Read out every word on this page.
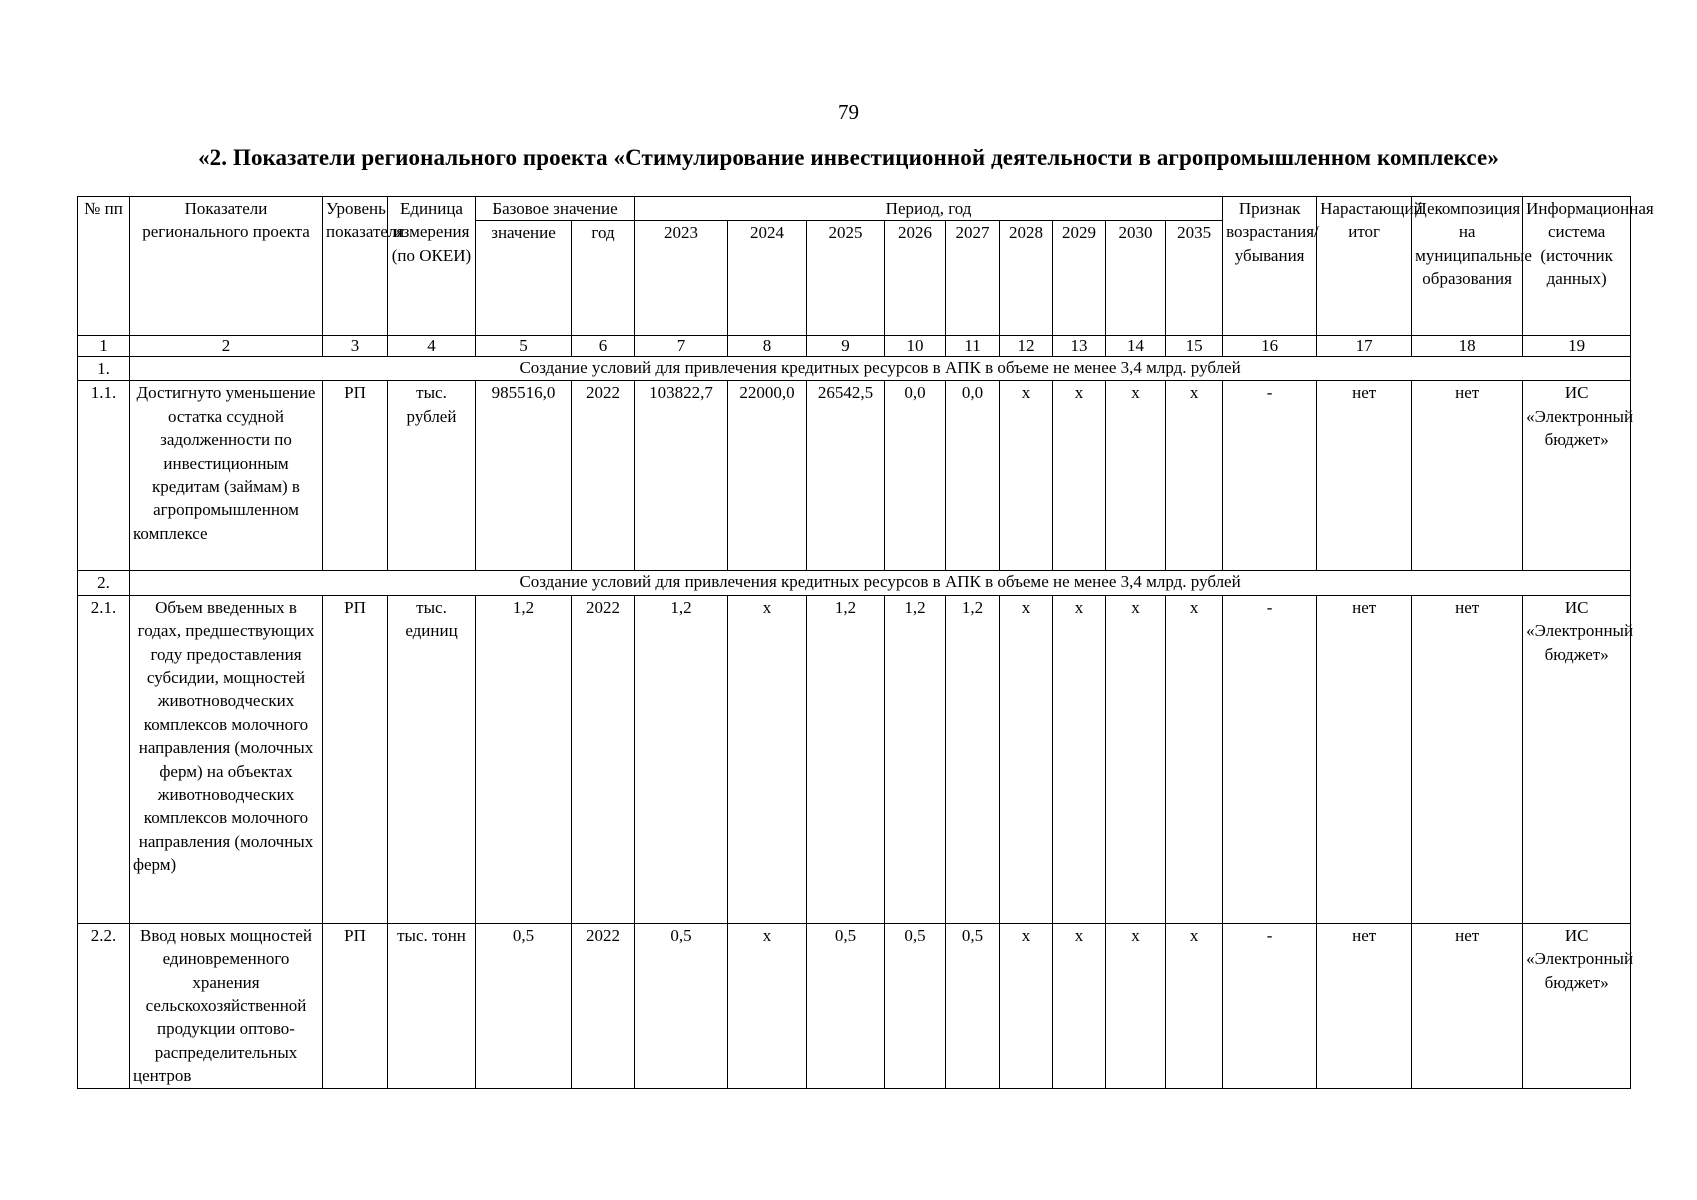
79
«2. Показатели регионального проекта «Стимулирование инвестиционной деятельности в агропромышленном комплексе»
№ пп	Показатели регионального проекта	Уровень показателя	Единица измерения (по ОКЕИ)	Базовое значение		Период, год									Признак возрастания/ убывания	Нарастающий итог	Декомпозиция на муниципальные образования	Информационная система (источник данных)
				значение	год	2023	2024	2025	2026	2027	2028	2029	2030	2035				
1	2	3	4	5	6	7	8	9	10	11	12	13	14	15	16	17	18	19
1.	Создание условий для привлечения кредитных ресурсов в АПК в объеме не менее 3,4 млрд. рублей																	
1.1.	Достигнуто уменьшение остатка ссудной задолженности по инвестиционным кредитам (займам) в агропромышленном комплексе	РП	тыс. рублей	985516,0	2022	103822,7	22000,0	26542,5	0,0	0,0	х	х	х	х	-	нет	нет	ИС «Электронный бюджет»
2.	Создание условий для привлечения кредитных ресурсов в АПК в объеме не менее 3,4 млрд. рублей																	
2.1.	Объем введенных в годах, предшествующих году предоставления субсидии, мощностей животноводческих комплексов молочного направления (молочных ферм) на объектах животноводческих комплексов молочного направления (молочных ферм)	РП	тыс. единиц	1,2	2022	1,2	х	1,2	1,2	1,2	х	х	х	х	-	нет	нет	ИС «Электронный бюджет»
2.2.	Ввод новых мощностей единовременного хранения сельскохозяйственной продукции оптово-распределительных центров	РП	тыс. тонн	0,5	2022	0,5	х	0,5	0,5	0,5	х	х	х	х	-	нет	нет	ИС «Электронный бюджет»
